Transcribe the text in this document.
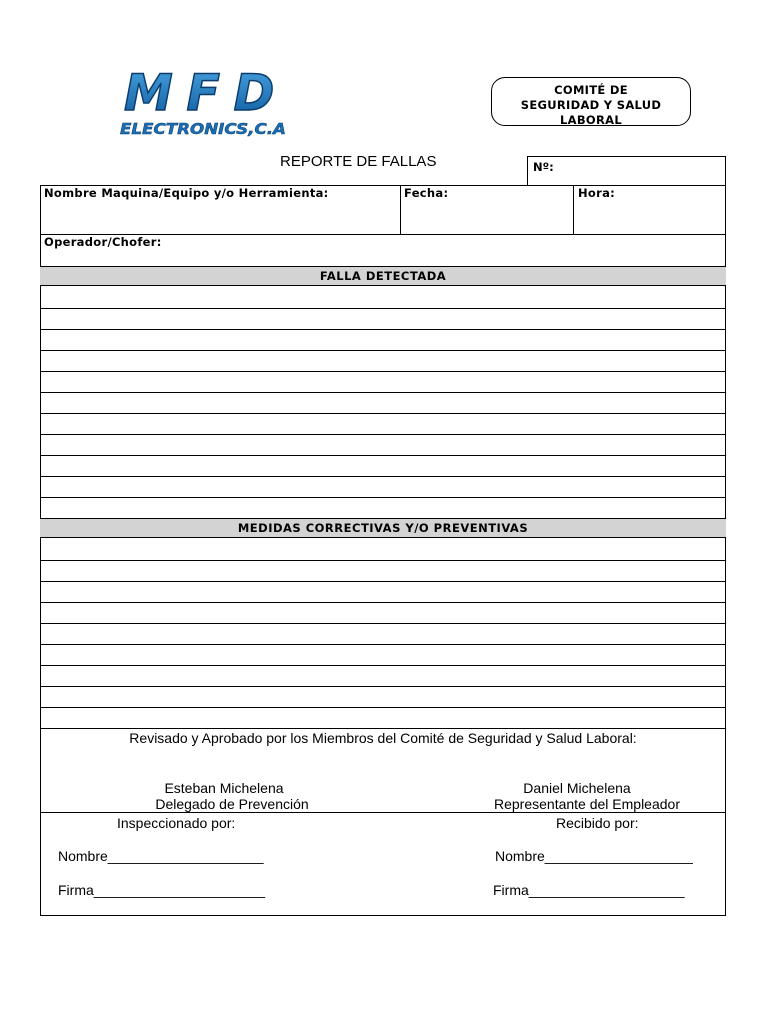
MFD
ELECTRONICS,C.A
COMITÉ DE
SEGURIDAD Y SALUD
LABORAL
REPORTE DE FALLAS	Nº:
Nombre Maquina/Equipo y/o Herramienta:	Fecha:	Hora:
Operador/Chofer:
FALLA DETECTADA
MEDIDAS CORRECTIVAS Y/O PREVENTIVAS
Revisado y Aprobado por los Miembros del Comité de Seguridad y Salud Laboral:
Esteban Michelena
Delegado de Prevención
Daniel Michelena
Representante del Empleador
Inspeccionado por:	Recibido por:
Nombre____________________
Firma______________________
Nombre___________________
Firma____________________
